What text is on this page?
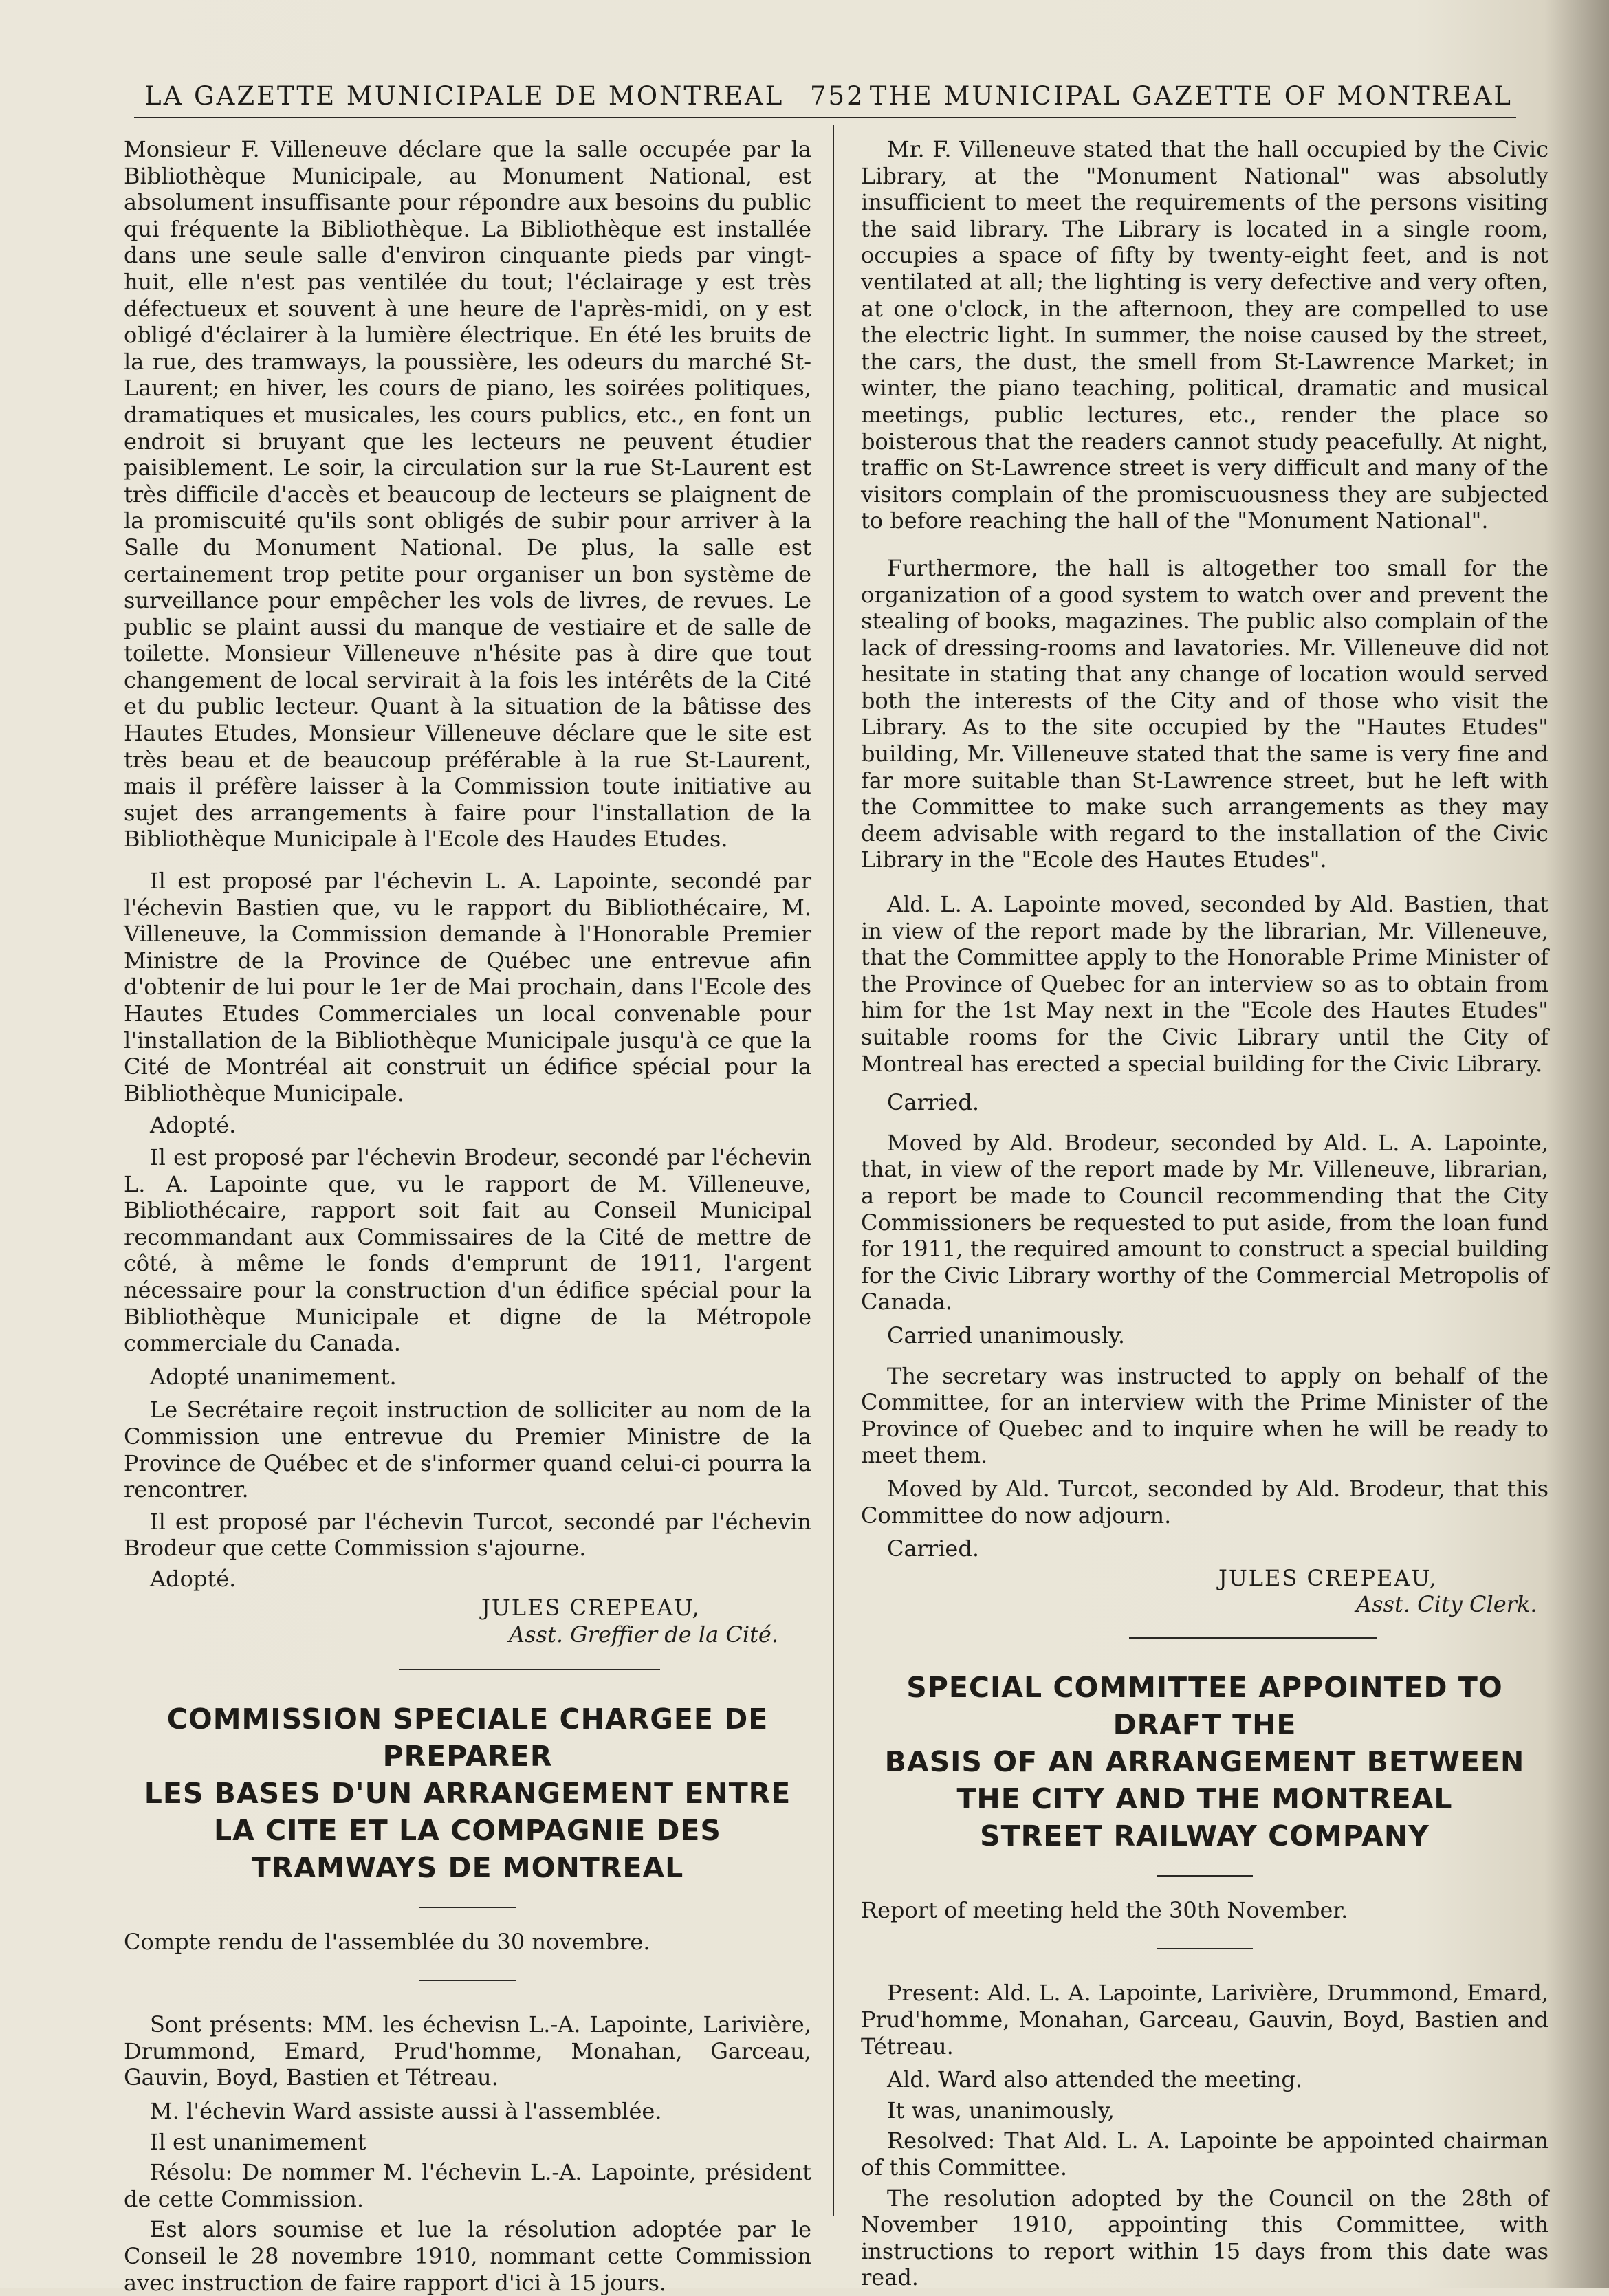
LA GAZETTE MUNICIPALE DE MONTREAL 752 THE MUNICIPAL GAZETTE OF MONTREAL

Monsieur F. Villeneuve déclare que la salle occupée par la Bibliothèque Municipale, au Monument National, est absolument insuffisante pour répondre aux besoins du public qui fréquente la Bibliothèque. La Bibliothèque est installée dans une seule salle d'environ cinquante pieds par vingt-huit, elle n'est pas ventilée du tout; l'éclairage y est très défectueux et souvent à une heure de l'après-midi, on y est obligé d'éclairer à la lumière électrique. En été les bruits de la rue, des tramways, la poussière, les odeurs du marché St-Laurent; en hiver, les cours de piano, les soirées politiques, dramatiques et musicales, les cours publics, etc., en font un endroit si bruyant que les lecteurs ne peuvent étudier paisiblement. Le soir, la circulation sur la rue St-Laurent est très difficile d'accès et beaucoup de lecteurs se plaignent de la promiscuité qu'ils sont obligés de subir pour arriver à la Salle du Monument National. De plus, la salle est certainement trop petite pour organiser un bon système de surveillance pour empêcher les vols de livres, de revues. Le public se plaint aussi du manque de vestiaire et de salle de toilette. Monsieur Villeneuve n'hésite pas à dire que tout changement de local servirait à la fois les intérêts de la Cité et du public lecteur. Quant à la situation de la bâtisse des Hautes Etudes, Monsieur Villeneuve déclare que le site est très beau et de beaucoup préférable à la rue St-Laurent, mais il préfère laisser à la Commission toute initiative au sujet des arrangements à faire pour l'installation de la Bibliothèque Municipale à l'Ecole des Haudes Etudes.

Il est proposé par l'échevin L. A. Lapointe, secondé par l'échevin Bastien que, vu le rapport du Bibliothécaire, M. Villeneuve, la Commission demande à l'Honorable Premier Ministre de la Province de Québec une entrevue afin d'obtenir de lui pour le 1er de Mai prochain, dans l'Ecole des Hautes Etudes Commerciales un local convenable pour l'installation de la Bibliothèque Municipale jusqu'à ce que la Cité de Montréal ait construit un édifice spécial pour la Bibliothèque Municipale.

Adopté.

Il est proposé par l'échevin Brodeur, secondé par l'échevin L. A. Lapointe que, vu le rapport de M. Villeneuve, Bibliothécaire, rapport soit fait au Conseil Municipal recommandant aux Commissaires de la Cité de mettre de côté, à même le fonds d'emprunt de 1911, l'argent nécessaire pour la construction d'un édifice spécial pour la Bibliothèque Municipale et digne de la Métropole commerciale du Canada.

Adopté unanimement.

Le Secrétaire reçoit instruction de solliciter au nom de la Commission une entrevue du Premier Ministre de la Province de Québec et de s'informer quand celui-ci pourra la rencontrer.

Il est proposé par l'échevin Turcot, secondé par l'échevin Brodeur que cette Commission s'ajourne.

Adopté.

JULES CREPEAU,
Asst. Greffier de la Cité.
COMMISSION SPECIALE CHARGEE DE PREPARER
LES BASES D'UN ARRANGEMENT ENTRE
LA CITE ET LA COMPAGNIE DES
TRAMWAYS DE MONTREAL

Compte rendu de l'assemblée du 30 novembre.

Sont présents: MM. les échevisn L.-A. Lapointe, Larivière, Drummond, Emard, Prud'homme, Monahan, Garceau, Gauvin, Boyd, Bastien et Tétreau.

M. l'échevin Ward assiste aussi à l'assemblée.

Il est unanimement

Résolu: De nommer M. l'échevin L.-A. Lapointe, président de cette Commission.

Est alors soumise et lue la résolution adoptée par le Conseil le 28 novembre 1910, nommant cette Commission avec instruction de faire rapport d'ici à 15 jours.

Mr. F. Villeneuve stated that the hall occupied by the Civic Library, at the "Monument National" was absolutly insufficient to meet the requirements of the persons visiting the said library. The Library is located in a single room, occupies a space of fifty by twenty-eight feet, and is not ventilated at all; the lighting is very defective and very often, at one o'clock, in the afternoon, they are compelled to use the electric light. In summer, the noise caused by the street, the cars, the dust, the smell from St-Lawrence Market; in winter, the piano teaching, political, dramatic and musical meetings, public lectures, etc., render the place so boisterous that the readers cannot study peacefully. At night, traffic on St-Lawrence street is very difficult and many of the visitors complain of the promiscuousness they are subjected to before reaching the hall of the "Monument National".

Furthermore, the hall is altogether too small for the organization of a good system to watch over and prevent the stealing of books, magazines. The public also complain of the lack of dressing-rooms and lavatories. Mr. Villeneuve did not hesitate in stating that any change of location would served both the interests of the City and of those who visit the Library. As to the site occupied by the "Hautes Etudes" building, Mr. Villeneuve stated that the same is very fine and far more suitable than St-Lawrence street, but he left with the Committee to make such arrangements as they may deem advisable with regard to the installation of the Civic Library in the "Ecole des Hautes Etudes".

Ald. L. A. Lapointe moved, seconded by Ald. Bastien, that in view of the report made by the librarian, Mr. Villeneuve, that the Committee apply to the Honorable Prime Minister of the Province of Quebec for an interview so as to obtain from him for the 1st May next in the "Ecole des Hautes Etudes" suitable rooms for the Civic Library until the City of Montreal has erected a special building for the Civic Library.

Carried.

Moved by Ald. Brodeur, seconded by Ald. L. A. Lapointe, that, in view of the report made by Mr. Villeneuve, librarian, a report be made to Council recommending that the City Commissioners be requested to put aside, from the loan fund for 1911, the required amount to construct a special building for the Civic Library worthy of the Commercial Metropolis of Canada.

Carried unanimously.

The secretary was instructed to apply on behalf of the Committee, for an interview with the Prime Minister of the Province of Quebec and to inquire when he will be ready to meet them.

Moved by Ald. Turcot, seconded by Ald. Brodeur, that this Committee do now adjourn.

Carried.

JULES CREPEAU,
Asst. City Clerk.
SPECIAL COMMITTEE APPOINTED TO DRAFT THE
BASIS OF AN ARRANGEMENT BETWEEN
THE CITY AND THE MONTREAL
STREET RAILWAY COMPANY

Report of meeting held the 30th November.

Present: Ald. L. A. Lapointe, Larivière, Drummond, Emard, Prud'homme, Monahan, Garceau, Gauvin, Boyd, Bastien and Tétreau.

Ald. Ward also attended the meeting.

It was, unanimously,

Resolved: That Ald. L. A. Lapointe be appointed chairman of this Committee.

The resolution adopted by the Council on the 28th of November 1910, appointing this Committee, with instructions to report within 15 days from this date was read.
